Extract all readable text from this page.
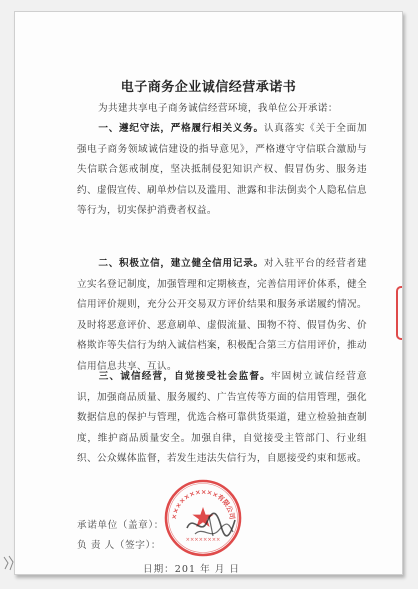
电子商务企业诚信经营承诺书

为共建共享电子商务诚信经营环境，我单位公开承诺：

一、遵纪守法，严格履行相关义务。认真落实《关于全面加强电子商务领域诚信建设的指导意见》，严格遵守守信联合激励与失信联合惩戒制度，坚决抵制侵犯知识产权、假冒伪劣、服务违约、虚假宣传、刷单炒信以及滥用、泄露和非法倒卖个人隐私信息等行为，切实保护消费者权益。

二、积极立信，建立健全信用记录。对入驻平台的经营者建立实名登记制度，加强管理和定期核查，完善信用评价体系，健全信用评价规则，充分公开交易双方评价结果和服务承诺履约情况。及时将恶意评价、恶意刷单、虚假流量、围物不符、假冒伪劣、价格欺诈等失信行为纳入诚信档案，积极配合第三方信用评价，推动信用信息共享、互认。

三、诚信经营，自觉接受社会监督。牢固树立诚信经营意识，加强商品质量、服务履约、广告宣传等方面的信用管理，强化数据信息的保护与管理，优选合格可靠供货渠道，建立检验抽查制度，维护商品质量安全。加强自律，自觉接受主管部门、行业组织、公众媒体监督，若发生违法失信行为，自愿接受约束和惩戒。

承诺单位（盖章）：
负 责 人（签字）：
日期：201 年 月 日
××××××××××有限公司
××××××××
××××××
